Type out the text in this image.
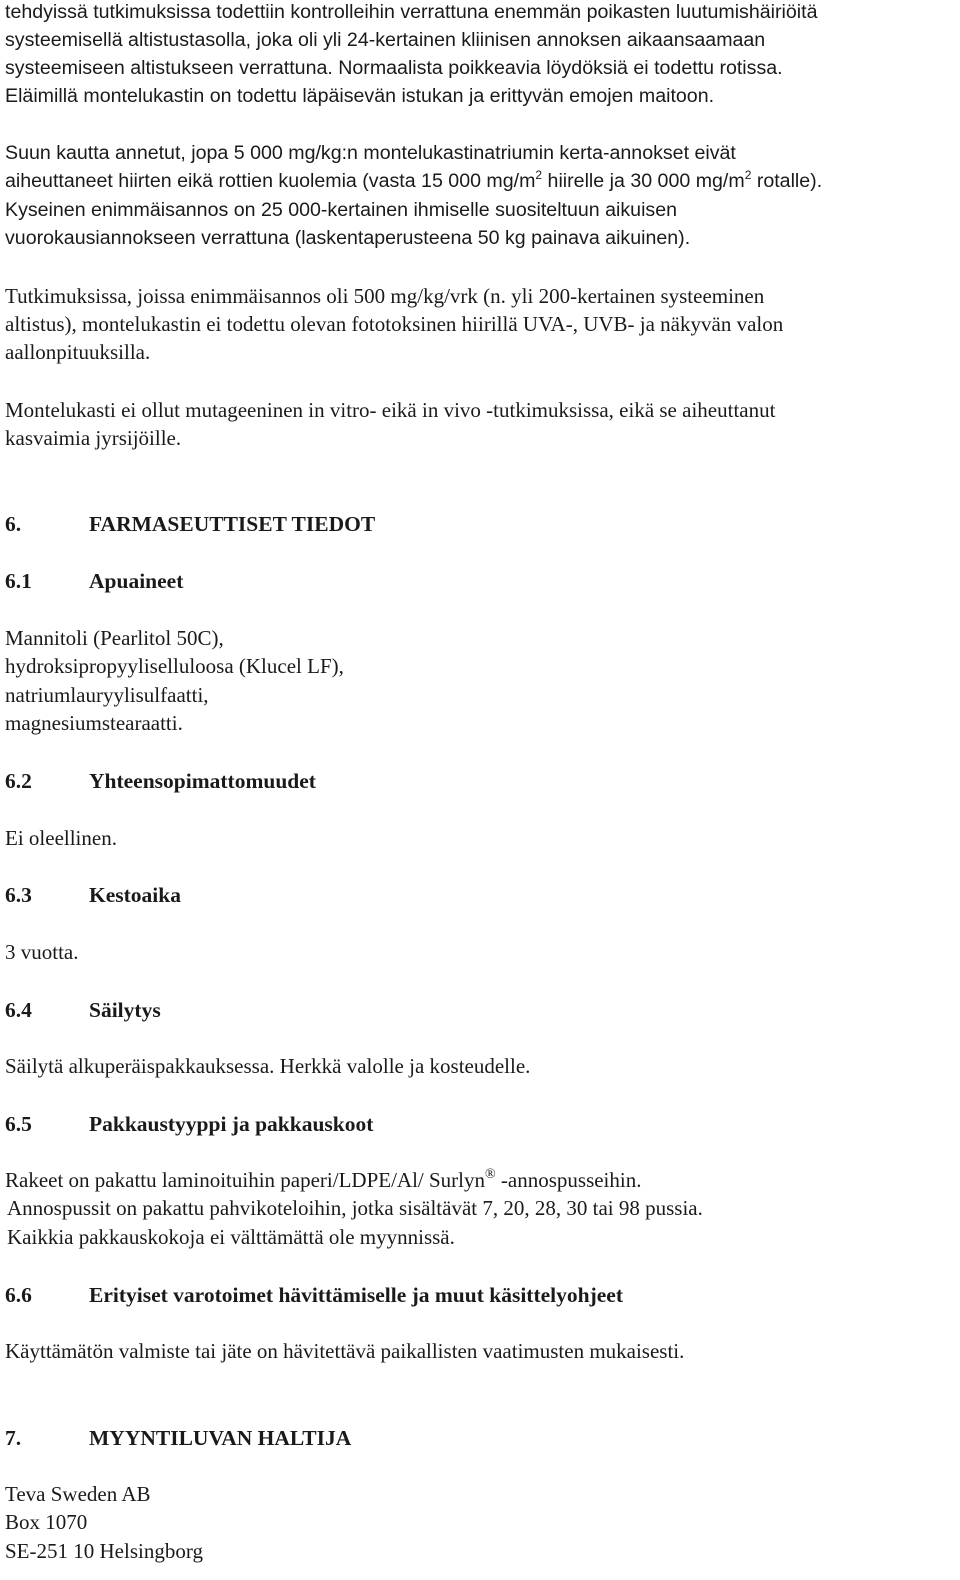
tehdyissä tutkimuksissa todettiin kontrolleihin verrattuna enemmän poikasten luutumishäiriöitä
systeemisellä altistustasolla, joka oli yli 24-kertainen kliinisen annoksen aikaansaamaan
systeemiseen altistukseen verrattuna. Normaalista poikkeavia löydöksiä ei todettu rotissa.
Eläimillä montelukastin on todettu läpäisevän istukan ja erittyvän emojen maitoon.
Suun kautta annetut, jopa 5 000 mg/kg:n montelukastinatriumin kerta-annokset eivät
aiheuttaneet hiirten eikä rottien kuolemia (vasta 15 000 $mg/m^2$ hiirelle ja 30 000 $mg/m^2$ rotalle).
Kyseinen enimmäisannos on 25 000-kertainen ihmiselle suositeltuun aikuisen
vuorokausiannokseen verrattuna (laskentaperusteena 50 kg painava aikuinen).
Tutkimuksissa, joissa enimmäisannos oli 500 mg/kg/vrk (n. yli 200-kertainen systeeminen
altistus), montelukastin ei todettu olevan fototoksinen hiirillä UVA-, UVB- ja näkyvän valon
aallonpituuksilla.
Montelukasti ei ollut mutageeninen in vitro- eikä in vivo -tutkimuksissa, eikä se aiheuttanut
kasvaimia jyrsijöille.
6.	FARMASEUTTISET TIEDOT
6.1	Apuaineet
Mannitoli (Pearlitol 50C),
hydroksipropyyliselluloosa (Klucel LF),
natriumlauryylisulfaatti,
magnesiumstearaatti.
6.2	Yhteensopimattomuudet
Ei oleellinen.
6.3	Kestoaika
3 vuotta.
6.4	Säilytys
Säilytä alkuperäispakkauksessa. Herkkä valolle ja kosteudelle.
6.5	Pakkaustyyppi ja pakkauskoot
Rakeet on pakattu laminoituihin paperi/LDPE/Al/ Surlyn® -annospusseihin.
Annospussit on pakattu pahvikoteloihin, jotka sisältävät 7, 20, 28, 30 tai 98 pussia.
Kaikkia pakkauskokoja ei välttämättä ole myynnissä.
6.6	Erityiset varotoimet hävittämiselle ja muut käsittelyohjeet
Käyttämätön valmiste tai jäte on hävitettävä paikallisten vaatimusten mukaisesti.
7.	MYYNTILUVAN HALTIJA
Teva Sweden AB
Box 1070
SE-251 10 Helsingborg
